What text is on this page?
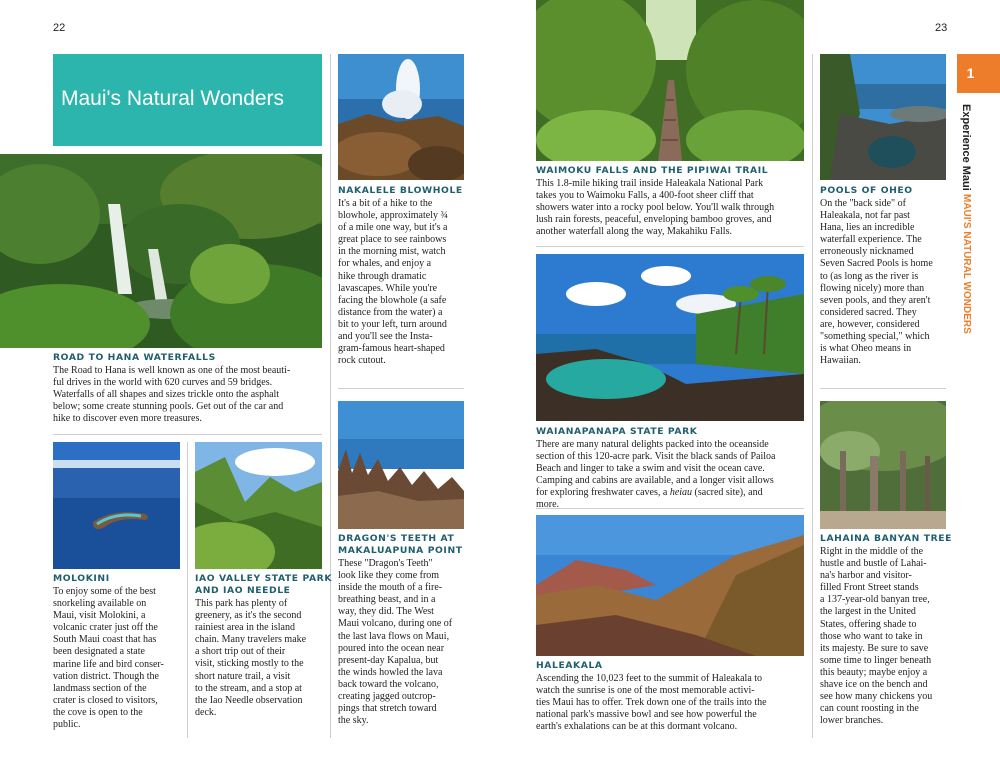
22	23
Maui's Natural Wonders
1
Experience Maui
MAUI'S NATURAL WONDERS
ROAD TO HANA WATERFALLS
The Road to Hana is well known as one of the most beauti-
ful drives in the world with 620 curves and 59 bridges.
Waterfalls of all shapes and sizes trickle onto the asphalt
below; some create stunning pools. Get out of the car and
hike to discover even more treasures.
MOLOKINI
To enjoy some of the best
snorkeling available on
Maui, visit Molokini, a
volcanic crater just off the
South Maui coast that has
been designated a state
marine life and bird conser-
vation district. Though the
landmass section of the
crater is closed to visitors,
the cove is open to the
public.
IAO VALLEY STATE PARK
AND IAO NEEDLE
This park has plenty of
greenery, as it's the second
rainiest area in the island
chain. Many travelers make
a short trip out of their
visit, sticking mostly to the
short nature trail, a visit
to the stream, and a stop at
the Iao Needle observation
deck.
NAKALELE BLOWHOLE
It's a bit of a hike to the
blowhole, approximately ¾
of a mile one way, but it's a
great place to see rainbows
in the morning mist, watch
for whales, and enjoy a
hike through dramatic
lavascapes. While you're
facing the blowhole (a safe
distance from the water) a
bit to your left, turn around
and you'll see the Insta-
gram-famous heart-shaped
rock cutout.
DRAGON'S TEETH AT
MAKALUAPUNA POINT
These "Dragon's Teeth"
look like they come from
inside the mouth of a fire-
breathing beast, and in a
way, they did. The West
Maui volcano, during one of
the last lava flows on Maui,
poured into the ocean near
present-day Kapalua, but
the winds howled the lava
back toward the volcano,
creating jagged outcrop-
pings that stretch toward
the sky.
WAIMOKU FALLS AND THE PIPIWAI TRAIL
This 1.8-mile hiking trail inside Haleakala National Park
takes you to Waimoku Falls, a 400-foot sheer cliff that
showers water into a rocky pool below. You'll walk through
lush rain forests, peaceful, enveloping bamboo groves, and
another waterfall along the way, Makahiku Falls.
WAIANAPANAPA STATE PARK
There are many natural delights packed into the oceanside
section of this 120-acre park. Visit the black sands of Pailoa
Beach and linger to take a swim and visit the ocean cave.
Camping and cabins are available, and a longer visit allows
for exploring freshwater caves, a heiau (sacred site), and
more.
HALEAKALA
Ascending the 10,023 feet to the summit of Haleakala to
watch the sunrise is one of the most memorable activi-
ties Maui has to offer. Trek down one of the trails into the
national park's massive bowl and see how powerful the
earth's exhalations can be at this dormant volcano.
POOLS OF OHEO
On the "back side" of
Haleakala, not far past
Hana, lies an incredible
waterfall experience. The
erroneously nicknamed
Seven Sacred Pools is home
to (as long as the river is
flowing nicely) more than
seven pools, and they aren't
considered sacred. They
are, however, considered
"something special," which
is what Oheo means in
Hawaiian.
LAHAINA BANYAN TREE
Right in the middle of the
hustle and bustle of Lahai-
na's harbor and visitor-
filled Front Street stands
a 137-year-old banyan tree,
the largest in the United
States, offering shade to
those who want to take in
its majesty. Be sure to save
some time to linger beneath
this beauty; maybe enjoy a
shave ice on the bench and
see how many chickens you
can count roosting in the
lower branches.
